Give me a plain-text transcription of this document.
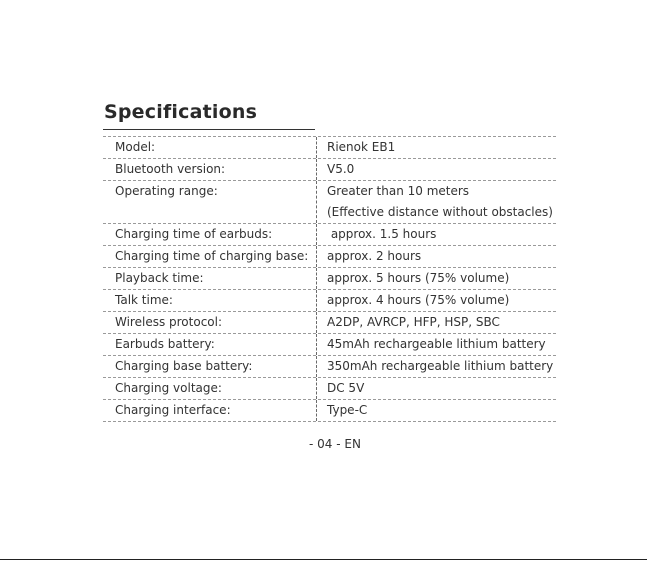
Specifications
Model:	Rienok EB1
Bluetooth version:	V5.0
Operating range:	Greater than 10 meters
(Effective distance without obstacles)
Charging time of earbuds:	approx. 1.5 hours
Charging time of charging base:	approx. 2 hours
Playback time:	approx. 5 hours (75% volume)
Talk time:	approx. 4 hours (75% volume)
Wireless protocol:	A2DP, AVRCP, HFP, HSP, SBC
Earbuds battery:	45mAh rechargeable lithium battery
Charging base battery:	350mAh rechargeable lithium battery
Charging voltage:	DC 5V
Charging interface:	Type-C
- 04 - EN
